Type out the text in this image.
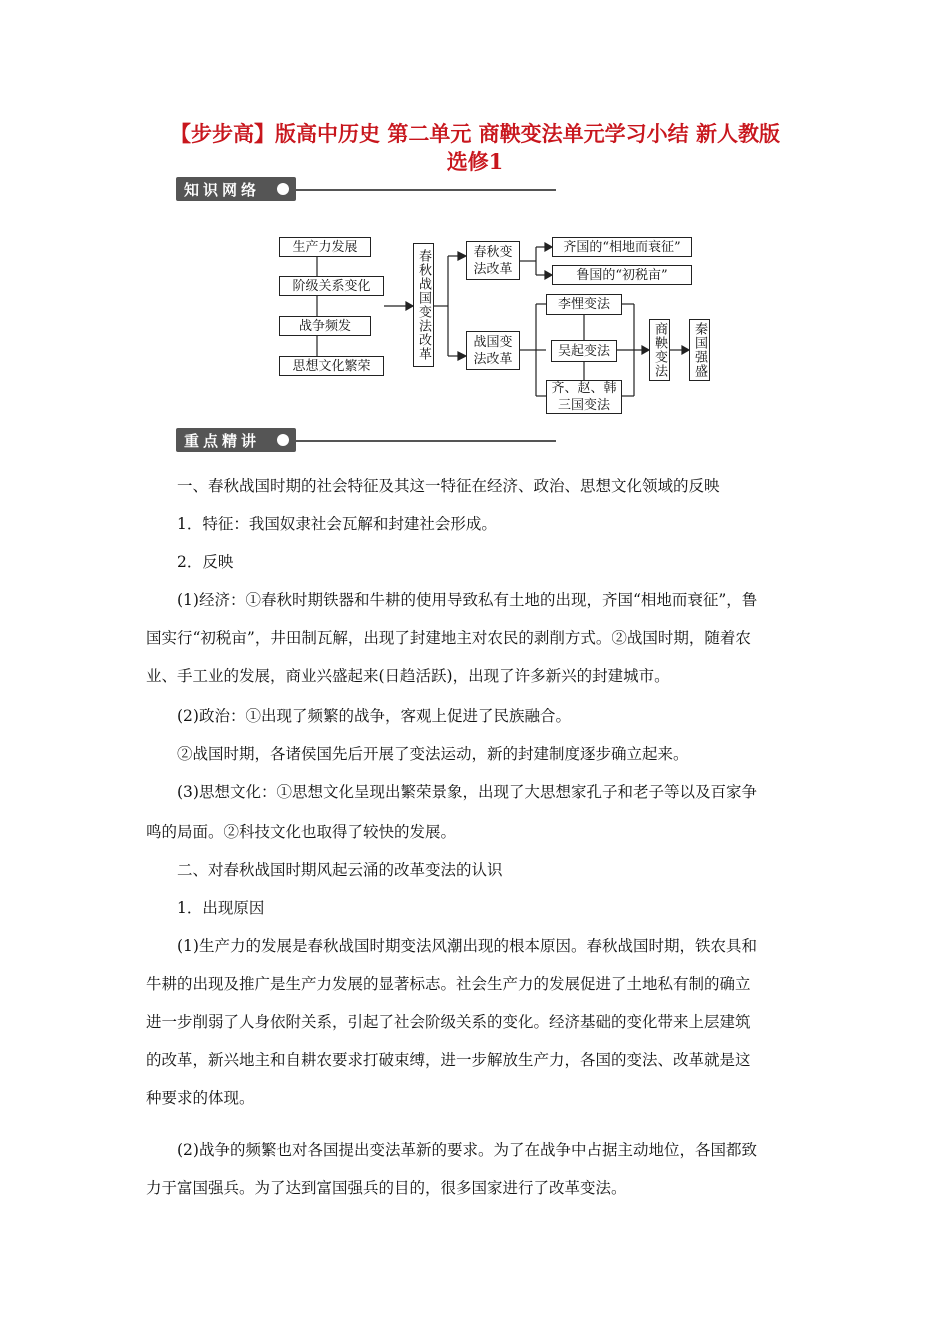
【步步高】版高中历史 第二单元 商鞅变法单元学习小结 新人教版
选修1
知识网络
生产力发展
阶级关系变化
战争频发
思想文化繁荣
春秋战国变法改革	春秋变
法改革
战国变
法改革
齐国的“相地而衰征”
鲁国的“初税亩”
李悝变法
吴起变法
齐、赵、韩
三国变法
商鞅变法 秦国强盛
重点精讲
一、春秋战国时期的社会特征及其这一特征在经济、政治、思想文化领域的反映
1．特征：我国奴隶社会瓦解和封建社会形成。
2．反映
(1)经济：①春秋时期铁器和牛耕的使用导致私有土地的出现，齐国“相地而衰征”，鲁
国实行“初税亩”，井田制瓦解，出现了封建地主对农民的剥削方式。②战国时期，随着农
业、手工业的发展，商业兴盛起来(日趋活跃)，出现了许多新兴的封建城市。
(2)政治：①出现了频繁的战争，客观上促进了民族融合。
②战国时期，各诸侯国先后开展了变法运动，新的封建制度逐步确立起来。
(3)思想文化：①思想文化呈现出繁荣景象，出现了大思想家孔子和老子等以及百家争
鸣的局面。②科技文化也取得了较快的发展。
二、对春秋战国时期风起云涌的改革变法的认识
1．出现原因
(1)生产力的发展是春秋战国时期变法风潮出现的根本原因。春秋战国时期，铁农具和
牛耕的出现及推广是生产力发展的显著标志。社会生产力的发展促进了土地私有制的确立
进一步削弱了人身依附关系，引起了社会阶级关系的变化。经济基础的变化带来上层建筑
的改革，新兴地主和自耕农要求打破束缚，进一步解放生产力，各国的变法、改革就是这
种要求的体现。
(2)战争的频繁也对各国提出变法革新的要求。为了在战争中占据主动地位，各国都致
力于富国强兵。为了达到富国强兵的目的，很多国家进行了改革变法。
